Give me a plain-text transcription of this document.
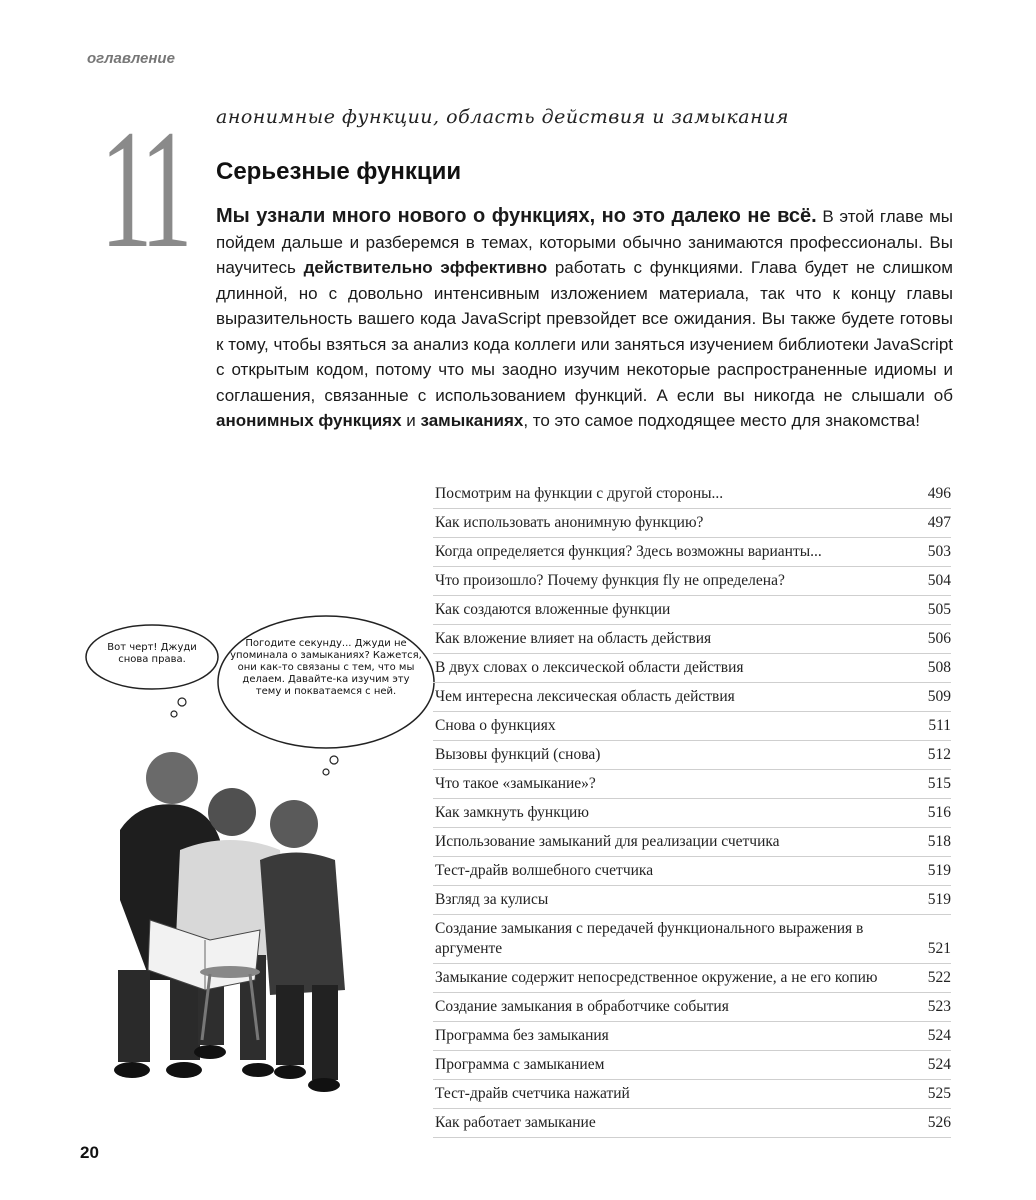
оглавление
11 анонимные функции, область действия и замыкания
Серьезные функции
Мы узнали много нового о функциях, но это далеко не всё. В этой главе мы пойдем дальше и разберемся в темах, которыми обычно занимаются профессионалы. Вы научитесь действительно эффективно работать с функциями. Глава будет не слишком длинной, но с довольно интенсивным изложением материала, так что к концу главы выразительность вашего кода JavaScript превзойдет все ожидания. Вы также будете готовы к тому, чтобы взяться за анализ кода коллеги или заняться изучением библиотеки JavaScript с открытым кодом, потому что мы заодно изучим некоторые распространенные идиомы и соглашения, связанные с использованием функций. А если вы никогда не слышали об анонимных функциях и замыканиях, то это самое подходящее место для знакомства!
Вот черт! Джуди снова права.
Погодите секунду... Джуди не упоминала о замыканиях? Кажется, они как-то связаны с тем, что мы делаем. Давайте-ка изучим эту тему и покватаемся с ней.
Посмотрим на функции с другой стороны...	496
Как использовать анонимную функцию?	497
Когда определяется функция? Здесь возможны варианты...	503
Что произошло? Почему функция fly не определена?	504
Как создаются вложенные функции	505
Как вложение влияет на область действия	506
В двух словах о лексической области действия	508
Чем интересна лексическая область действия	509
Снова о функциях	511
Вызовы функций (снова)	512
Что такое «замыкание»?	515
Как замкнуть функцию	516
Использование замыканий для реализации счетчика	518
Тест-драйв волшебного счетчика	519
Взгляд за кулисы	519
Создание замыкания с передачей функционального выражения в аргументе	521
Замыкание содержит непосредственное окружение, а не его копию	522
Создание замыкания в обработчике события	523
Программа без замыкания	524
Программа с замыканием	524
Тест-драйв счетчика нажатий	525
Как работает замыкание	526
20
